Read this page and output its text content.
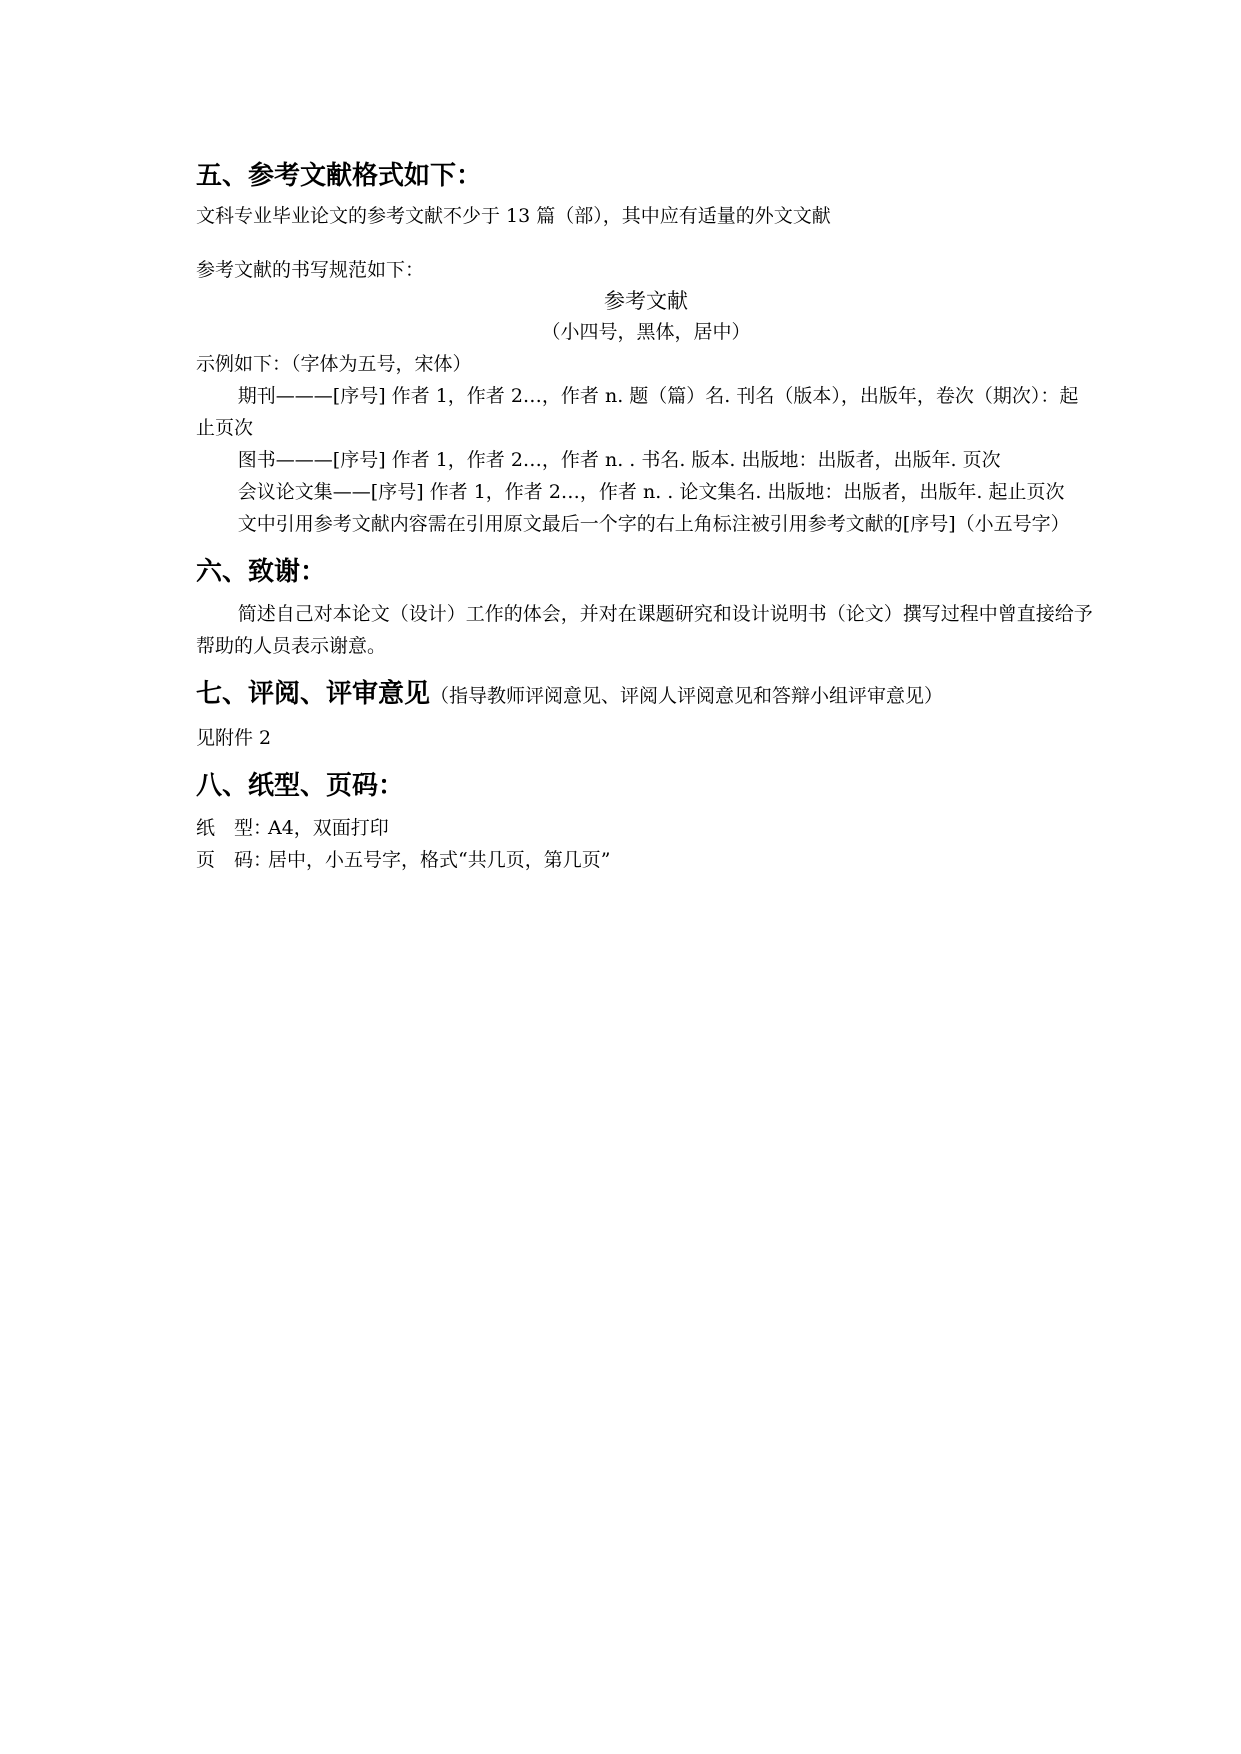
五、参考文献格式如下：

文科专业毕业论文的参考文献不少于 13 篇（部），其中应有适量的外文文献

参考文献的书写规范如下：

参考文献

（小四号，黑体，居中）

示例如下：（字体为五号，宋体）

期刊———[序号] 作者 1，作者 2…，作者 n. 题（篇）名. 刊名（版本），出版年，卷次（期次）：起止页次

图书———[序号] 作者 1，作者 2…，作者 n. . 书名. 版本. 出版地：出版者，出版年. 页次

会议论文集——[序号] 作者 1，作者 2…，作者 n. . 论文集名. 出版地：出版者，出版年. 起止页次

文中引用参考文献内容需在引用原文最后一个字的右上角标注被引用参考文献的[序号]（小五号字）

六、致谢：

简述自己对本论文（设计）工作的体会，并对在课题研究和设计说明书（论文）撰写过程中曾直接给予帮助的人员表示谢意。

七、评阅、评审意见（指导教师评阅意见、评阅人评阅意见和答辩小组评审意见）

见附件 2

八、纸型、页码：

纸　型：A4，双面打印

页　码：居中，小五号字，格式“共几页，第几页”
